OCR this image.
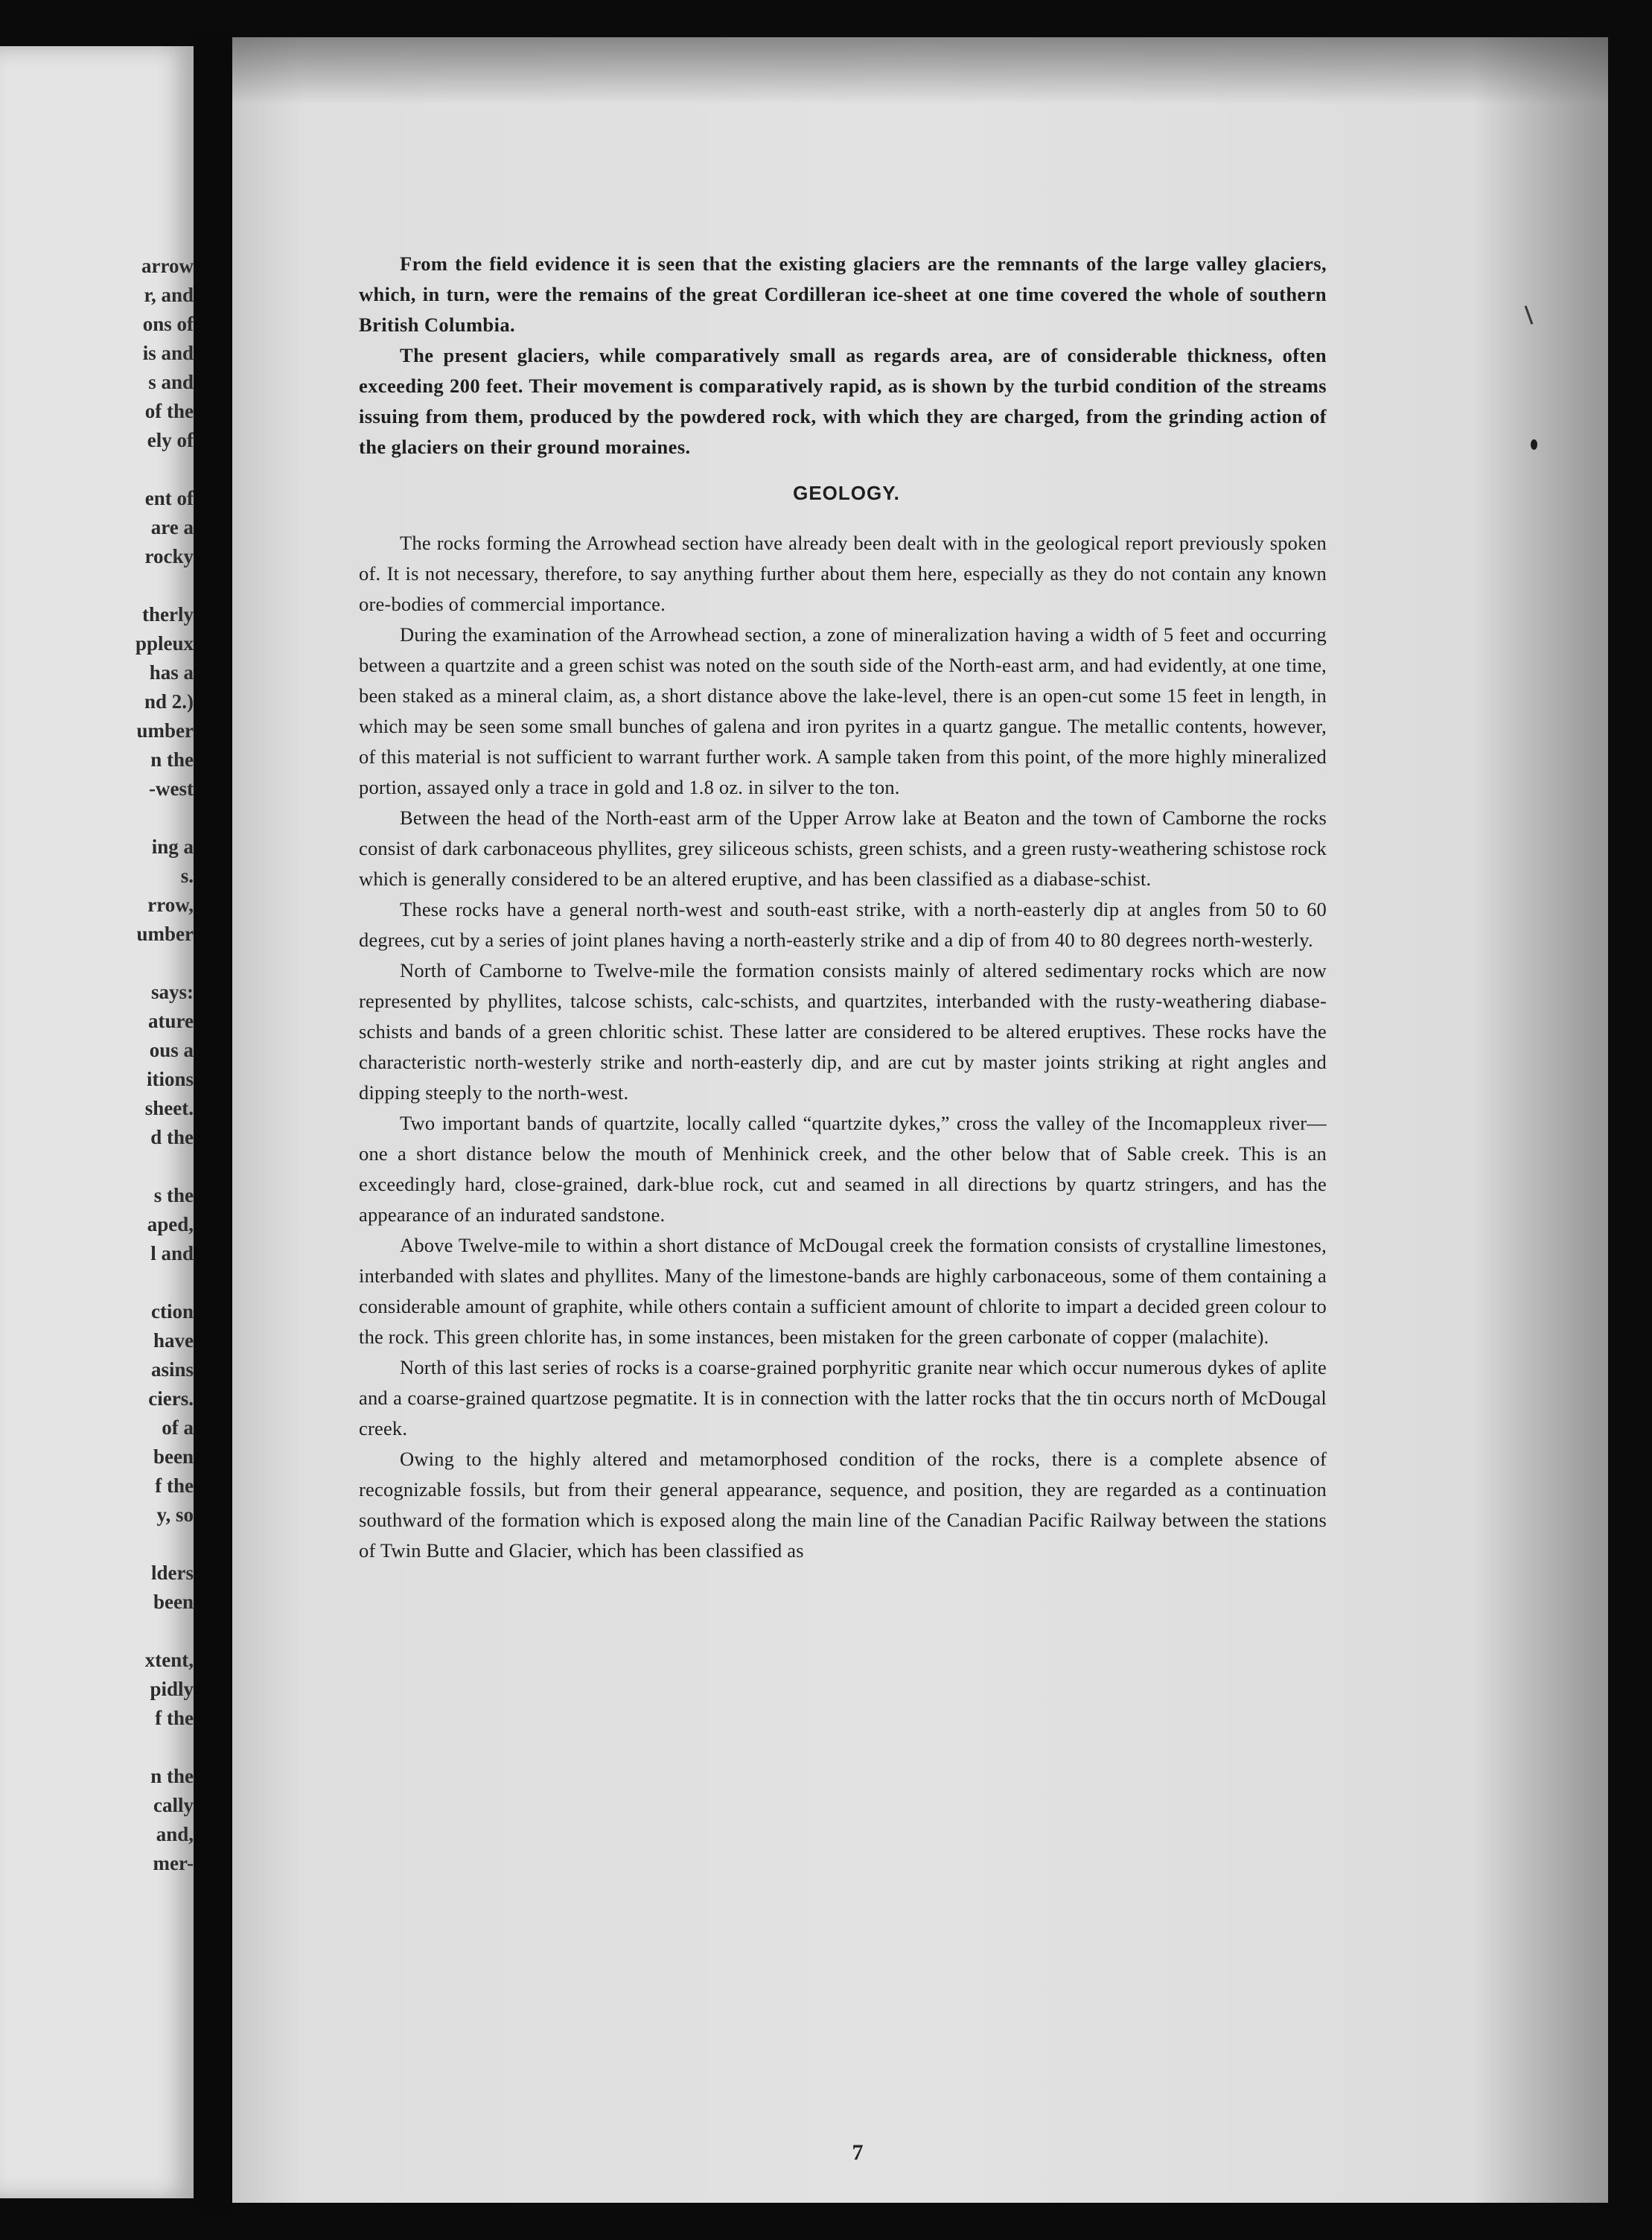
arrow
r, and
ons of
is and
s and
of the
ely of
ent of
are a
rocky
therly
ppleux
has a
nd 2.)
umber
n the
-west
ing a
s.
rrow,
umber
says:
ature
ous a
itions
sheet.
d the
s the
aped,
l and
ction
have
asins
ciers.
of a
been
f the
y, so
lders
been
xtent,
pidly
f the
n the
cally
and,
mer-

From the field evidence it is seen that the existing glaciers are the remnants of the large valley glaciers, which, in turn, were the remains of the great Cordilleran ice-sheet at one time covered the whole of southern British Columbia.

The present glaciers, while comparatively small as regards area, are of considerable thickness, often exceeding 200 feet. Their movement is comparatively rapid, as is shown by the turbid condition of the streams issuing from them, produced by the powdered rock, with which they are charged, from the grinding action of the glaciers on their ground moraines.

GEOLOGY.

The rocks forming the Arrowhead section have already been dealt with in the geological report previously spoken of. It is not necessary, therefore, to say anything further about them here, especially as they do not contain any known ore-bodies of commercial importance.

During the examination of the Arrowhead section, a zone of mineralization having a width of 5 feet and occurring between a quartzite and a green schist was noted on the south side of the North-east arm, and had evidently, at one time, been staked as a mineral claim, as, a short distance above the lake-level, there is an open-cut some 15 feet in length, in which may be seen some small bunches of galena and iron pyrites in a quartz gangue. The metallic contents, however, of this material is not sufficient to warrant further work. A sample taken from this point, of the more highly mineralized portion, assayed only a trace in gold and 1.8 oz. in silver to the ton.

Between the head of the North-east arm of the Upper Arrow lake at Beaton and the town of Camborne the rocks consist of dark carbonaceous phyllites, grey siliceous schists, green schists, and a green rusty-weathering schistose rock which is generally considered to be an altered eruptive, and has been classified as a diabase-schist.

These rocks have a general north-west and south-east strike, with a north-easterly dip at angles from 50 to 60 degrees, cut by a series of joint planes having a north-easterly strike and a dip of from 40 to 80 degrees north-westerly.

North of Camborne to Twelve-mile the formation consists mainly of altered sedimentary rocks which are now represented by phyllites, talcose schists, calc-schists, and quartzites, interbanded with the rusty-weathering diabase-schists and bands of a green chloritic schist. These latter are considered to be altered eruptives. These rocks have the characteristic north-westerly strike and north-easterly dip, and are cut by master joints striking at right angles and dipping steeply to the north-west.

Two important bands of quartzite, locally called “quartzite dykes,” cross the valley of the Incomappleux river—one a short distance below the mouth of Menhinick creek, and the other below that of Sable creek. This is an exceedingly hard, close-grained, dark-blue rock, cut and seamed in all directions by quartz stringers, and has the appearance of an indurated sandstone.

Above Twelve-mile to within a short distance of McDougal creek the formation consists of crystalline limestones, interbanded with slates and phyllites. Many of the limestone-bands are highly carbonaceous, some of them containing a considerable amount of graphite, while others contain a sufficient amount of chlorite to impart a decided green colour to the rock. This green chlorite has, in some instances, been mistaken for the green carbonate of copper (malachite).

North of this last series of rocks is a coarse-grained porphyritic granite near which occur numerous dykes of aplite and a coarse-grained quartzose pegmatite. It is in connection with the latter rocks that the tin occurs north of McDougal creek.

Owing to the highly altered and metamorphosed condition of the rocks, there is a complete absence of recognizable fossils, but from their general appearance, sequence, and position, they are regarded as a continuation southward of the formation which is exposed along the main line of the Canadian Pacific Railway between the stations of Twin Butte and Glacier, which has been classified as

7
